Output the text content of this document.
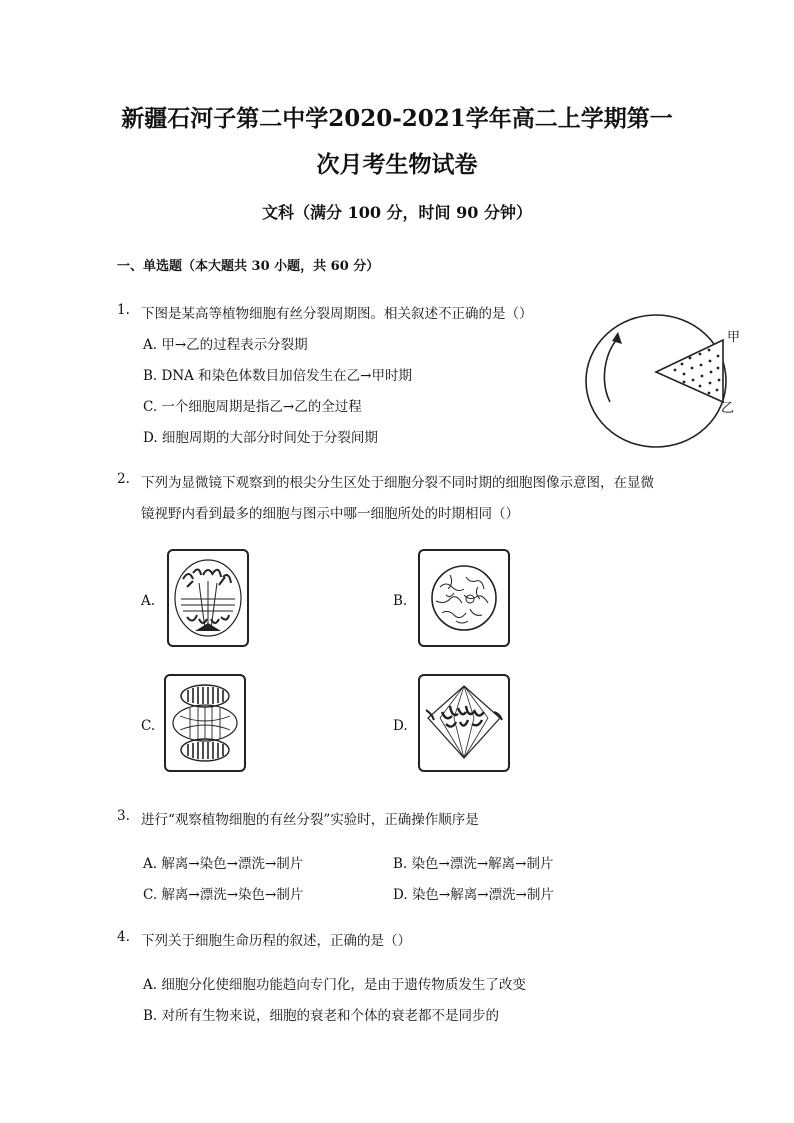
新疆石河子第二中学2020-2021学年高二上学期第一
次月考生物试卷
文科（满分 100 分，时间 90 分钟）
一、单选题（本大题共 30 小题，共 60 分）
1. 下图是某高等植物细胞有丝分裂周期图。相关叙述不正确的是（）
A. 甲→乙的过程表示分裂期
B. DNA 和染色体数目加倍发生在乙→甲时期
C. 一个细胞周期是指乙→乙的全过程
D. 细胞周期的大部分时间处于分裂间期
甲
乙
2. 下列为显微镜下观察到的根尖分生区处于细胞分裂不同时期的细胞图像示意图，在显微
镜视野内看到最多的细胞与图示中哪一细胞所处的时期相同（）
A.	B.
C.	D.
3. 进行“观察植物细胞的有丝分裂”实验时，正确操作顺序是
A. 解离→染色→漂洗→制片	B. 染色→漂洗→解离→制片
C. 解离→漂洗→染色→制片	D. 染色→解离→漂洗→制片
4. 下列关于细胞生命历程的叙述，正确的是（）
A. 细胞分化使细胞功能趋向专门化，是由于遗传物质发生了改变
B. 对所有生物来说，细胞的衰老和个体的衰老都不是同步的
